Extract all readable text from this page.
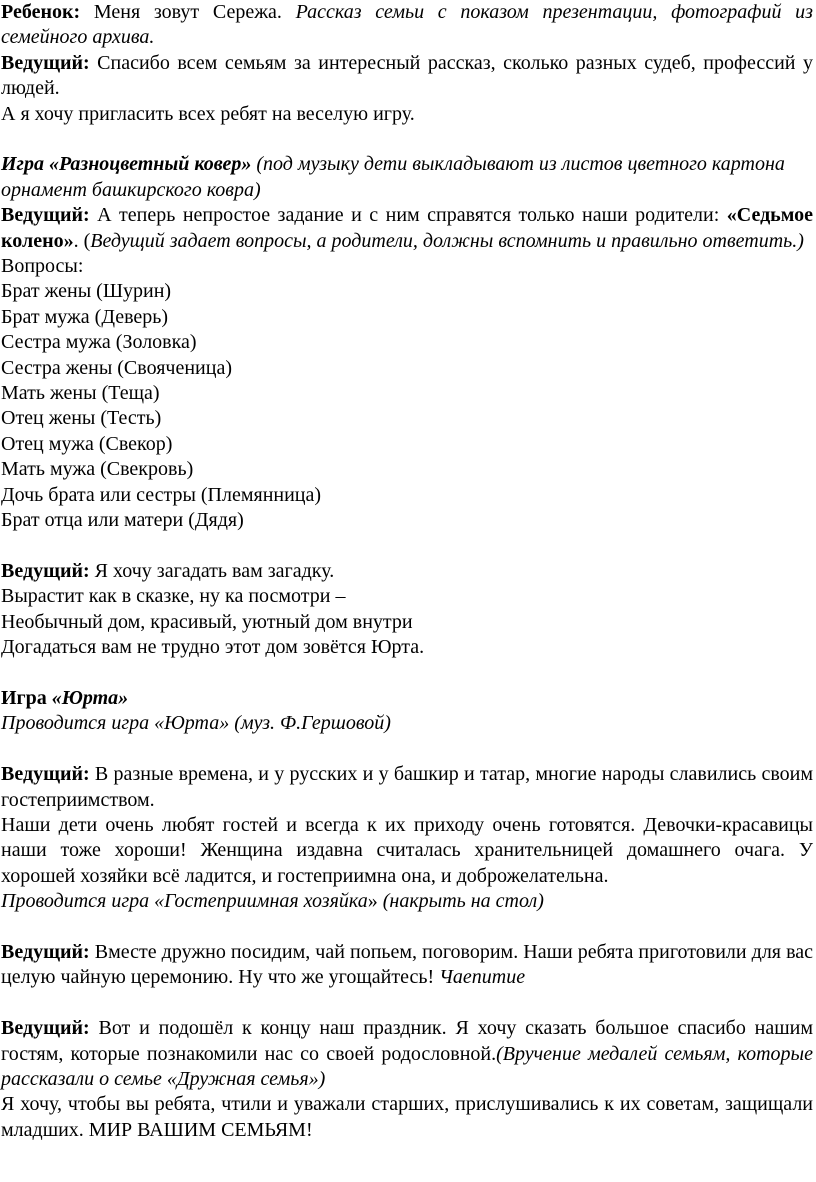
Ребенок: Меня зовут Сережа. Рассказ семьи с показом презентации, фотографий из семейного архива.

Ведущий: Спасибо всем семьям за интересный рассказ, сколько разных судеб, профессий у людей.

А я хочу пригласить всех ребят на веселую игру.

Игра «Разноцветный ковер» (под музыку дети выкладывают из листов цветного картона орнамент башкирского ковра)

Ведущий: А теперь непростое задание и с ним справятся только наши родители: «Седьмое колено». (Ведущий задает вопросы, а родители, должны вспомнить и правильно ответить.)

Вопросы:

Брат жены (Шурин)
Брат мужа (Деверь)
Сестра мужа (Золовка)
Сестра жены (Свояченица)
Мать жены (Теща)
Отец жены (Тесть)
Отец мужа (Свекор)
Мать мужа (Свекровь)
Дочь брата или сестры (Племянница)
Брат отца или матери (Дядя)

Ведущий: Я хочу загадать вам загадку.

Вырастит как в сказке, ну ка посмотри –

Необычный дом, красивый, уютный дом внутри

Догадаться вам не трудно этот дом зовётся Юрта.

Игра «Юрта»

Проводится игра «Юрта» (муз. Ф.Гершовой)

Ведущий: В разные времена, и у русских и у башкир и татар, многие народы славились своим гостеприимством.

Наши дети очень любят гостей и всегда к их приходу очень готовятся. Девочки-красавицы наши тоже хороши! Женщина издавна считалась хранительницей домашнего очага. У хорошей хозяйки всё ладится, и гостеприимна она, и доброжелательна.

Проводится игра «Гостеприимная хозяйка» (накрыть на стол)

Ведущий: Вместе дружно посидим, чай попьем, поговорим. Наши ребята приготовили для вас целую чайную церемонию. Ну что же угощайтесь! Чаепитие

Ведущий: Вот и подошёл к концу наш праздник. Я хочу сказать большое спасибо нашим гостям, которые познакомили нас со своей родословной.(Вручение медалей семьям, которые рассказали о семье «Дружная семья»)

Я хочу, чтобы вы ребята, чтили и уважали старших, прислушивались к их советам, защищали младших. МИР ВАШИМ СЕМЬЯМ!
